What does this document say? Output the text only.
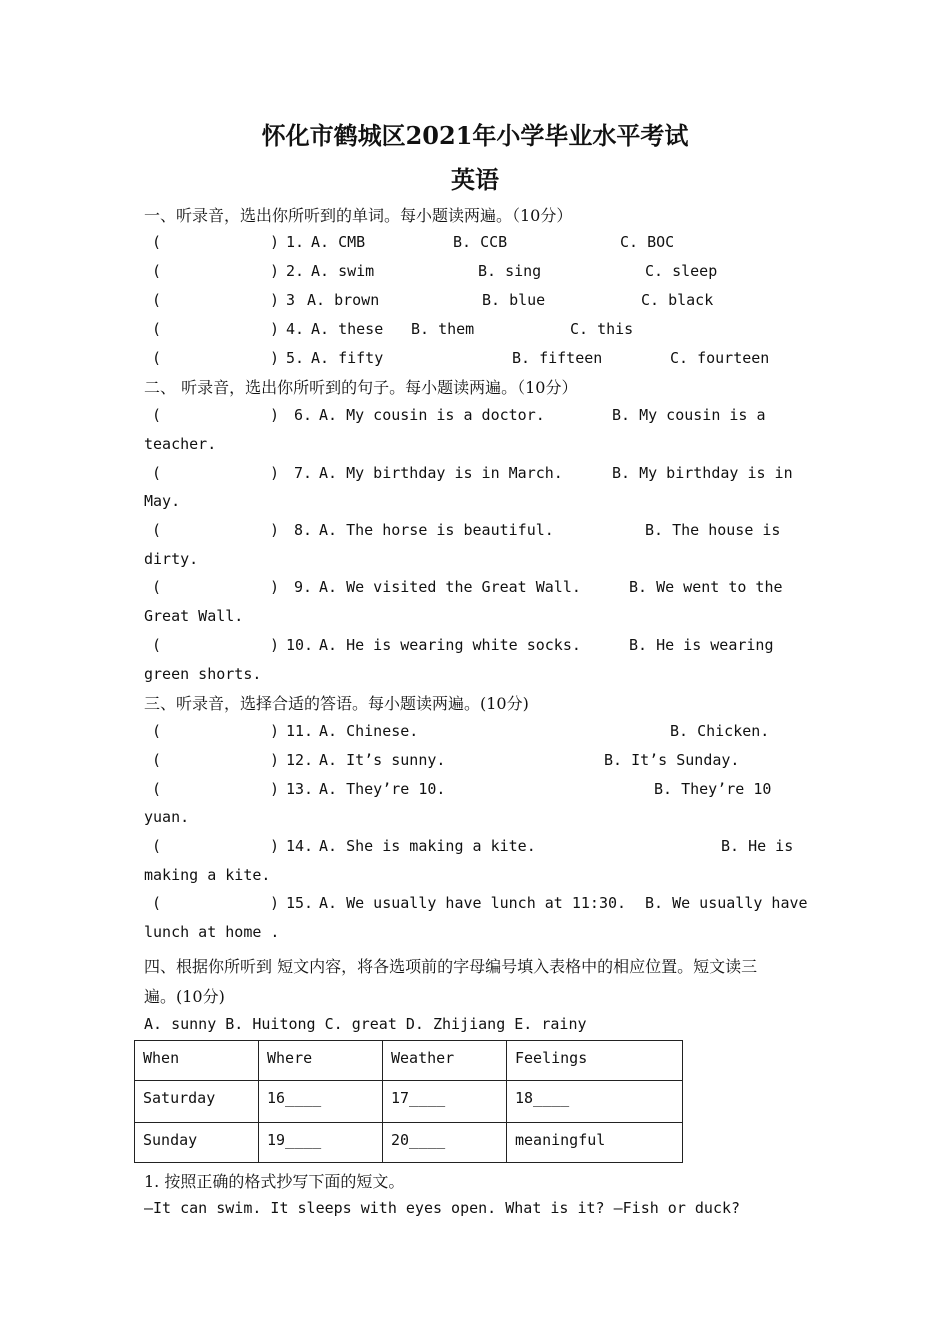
怀化市鹤城区2021年小学毕业水平考试
英语
一、听录音，选出你所听到的单词。每小题读两遍。（10分）
(	) 1. A. CMB	B. CCB	C. BOC
(	) 2. A. swim	B. sing	C. sleep
(	) 3 A. brown	B. blue	C. black
(	) 4. A. these B. them	C. this
(	) 5. A. fifty	B. fifteen	C. fourteen
二、 听录音，选出你所听到的句子。每小题读两遍。（10分）
(	) 6. A. My cousin is a doctor.	B. My cousin is a
teacher.
(	) 7. A. My birthday is in March.	B. My birthday is in
May.
(	) 8. A. The horse is beautiful.	B. The house is
dirty.
(	) 9. A. We visited the Great Wall.	B. We went to the
Great Wall.
(	) 10. A. He is wearing white socks.	B. He is wearing
green shorts.
三、听录音，选择合适的答语。每小题读两遍。(10分)
(	) 11. A. Chinese.	B. Chicken.
(	) 12. A. It’s sunny.	B. It’s Sunday.
(	) 13. A. They’re 10.	B. They’re 10
yuan.
(	) 14. A. She is making a kite.	B. He is
making a kite.
(	) 15. A. We usually have lunch at 11:30. B. We usually have
lunch at home .
四、根据你所听到 短文内容，将各选项前的字母编号填入表格中的相应位置。短文读三
遍。(10分)
A. sunny B. Huitong C. great D. Zhijiang E. rainy
When	Where	Weather	Feelings
Saturday	16____	17____	18____
Sunday	19____	20____	meaningful
1. 按照正确的格式抄写下面的短文。
—It can swim. It sleeps with eyes open. What is it? —Fish or duck?
